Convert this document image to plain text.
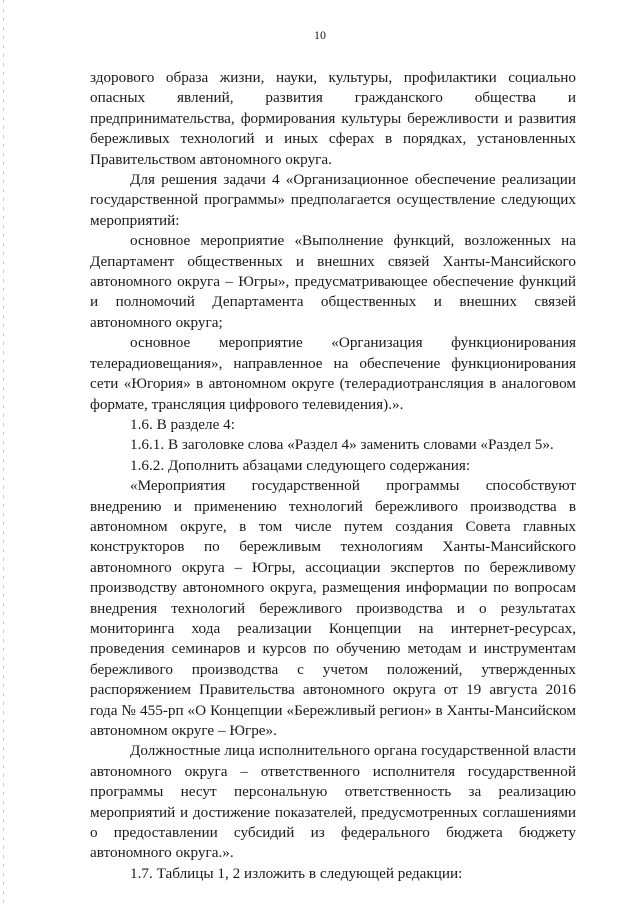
10

здорового образа жизни, науки, культуры, профилактики социально опасных явлений, развития гражданского общества и предпринимательства, формирования культуры бережливости и развития бережливых технологий и иных сферах в порядках, установленных Правительством автономного округа.

Для решения задачи 4 «Организационное обеспечение реализации государственной программы» предполагается осуществление следующих мероприятий:

основное мероприятие «Выполнение функций, возложенных на Департамент общественных и внешних связей Ханты-Мансийского автономного округа – Югры», предусматривающее обеспечение функций и полномочий Департамента общественных и внешних связей автономного округа;

основное мероприятие «Организация функционирования телерадиовещания», направленное на обеспечение функционирования сети «Югория» в автономном округе (телерадиотрансляция в аналоговом формате, трансляция цифрового телевидения).».

1.6. В разделе 4:

1.6.1. В заголовке слова «Раздел 4» заменить словами «Раздел 5».

1.6.2. Дополнить абзацами следующего содержания:

«Мероприятия государственной программы способствуют внедрению и применению технологий бережливого производства в автономном округе, в том числе путем создания Совета главных конструкторов по бережливым технологиям Ханты-Мансийского автономного округа – Югры, ассоциации экспертов по бережливому производству автономного округа, размещения информации по вопросам внедрения технологий бережливого производства и о результатах мониторинга хода реализации Концепции на интернет-ресурсах, проведения семинаров и курсов по обучению методам и инструментам бережливого производства с учетом положений, утвержденных распоряжением Правительства автономного округа от 19 августа 2016 года № 455-рп «О Концепции «Бережливый регион» в Ханты-Мансийском автономном округе – Югре».

Должностные лица исполнительного органа государственной власти автономного округа – ответственного исполнителя государственной программы несут персональную ответственность за реализацию мероприятий и достижение показателей, предусмотренных соглашениями о предоставлении субсидий из федерального бюджета бюджету автономного округа.».

1.7. Таблицы 1, 2 изложить в следующей редакции:
